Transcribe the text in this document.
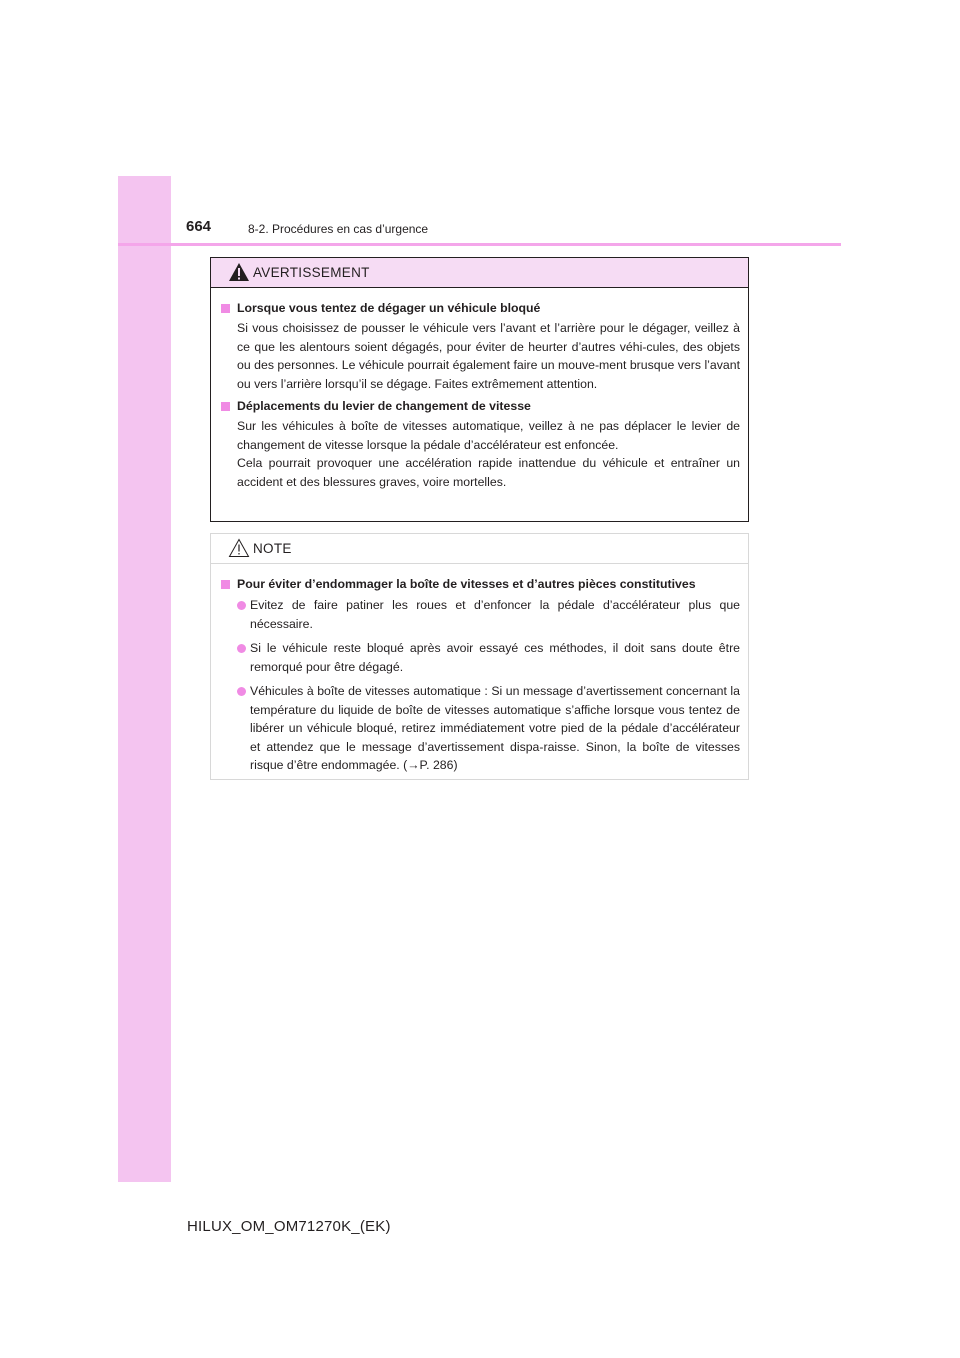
664	8-2. Procédures en cas d’urgence
AVERTISSEMENT
Lorsque vous tentez de dégager un véhicule bloqué
Si vous choisissez de pousser le véhicule vers l’avant et l’arrière pour le dégager, veillez à ce que les alentours soient dégagés, pour éviter de heurter d’autres véhi-cules, des objets ou des personnes. Le véhicule pourrait également faire un mouve-ment brusque vers l’avant ou vers l’arrière lorsqu’il se dégage. Faites extrêmement attention.
Déplacements du levier de changement de vitesse
Sur les véhicules à boîte de vitesses automatique, veillez à ne pas déplacer le levier de changement de vitesse lorsque la pédale d’accélérateur est enfoncée.
Cela pourrait provoquer une accélération rapide inattendue du véhicule et entraîner un accident et des blessures graves, voire mortelles.
NOTE
Pour éviter d’endommager la boîte de vitesses et d’autres pièces constitutives
Evitez de faire patiner les roues et d’enfoncer la pédale d’accélérateur plus que nécessaire.
Si le véhicule reste bloqué après avoir essayé ces méthodes, il doit sans doute être remorqué pour être dégagé.
Véhicules à boîte de vitesses automatique : Si un message d’avertissement concernant la température du liquide de boîte de vitesses automatique s’affiche lorsque vous tentez de libérer un véhicule bloqué, retirez immédiatement votre pied de la pédale d’accélérateur et attendez que le message d’avertissement dispa-raisse. Sinon, la boîte de vitesses risque d’être endommagée. (→P. 286)
HILUX_OM_OM71270K_(EK)
